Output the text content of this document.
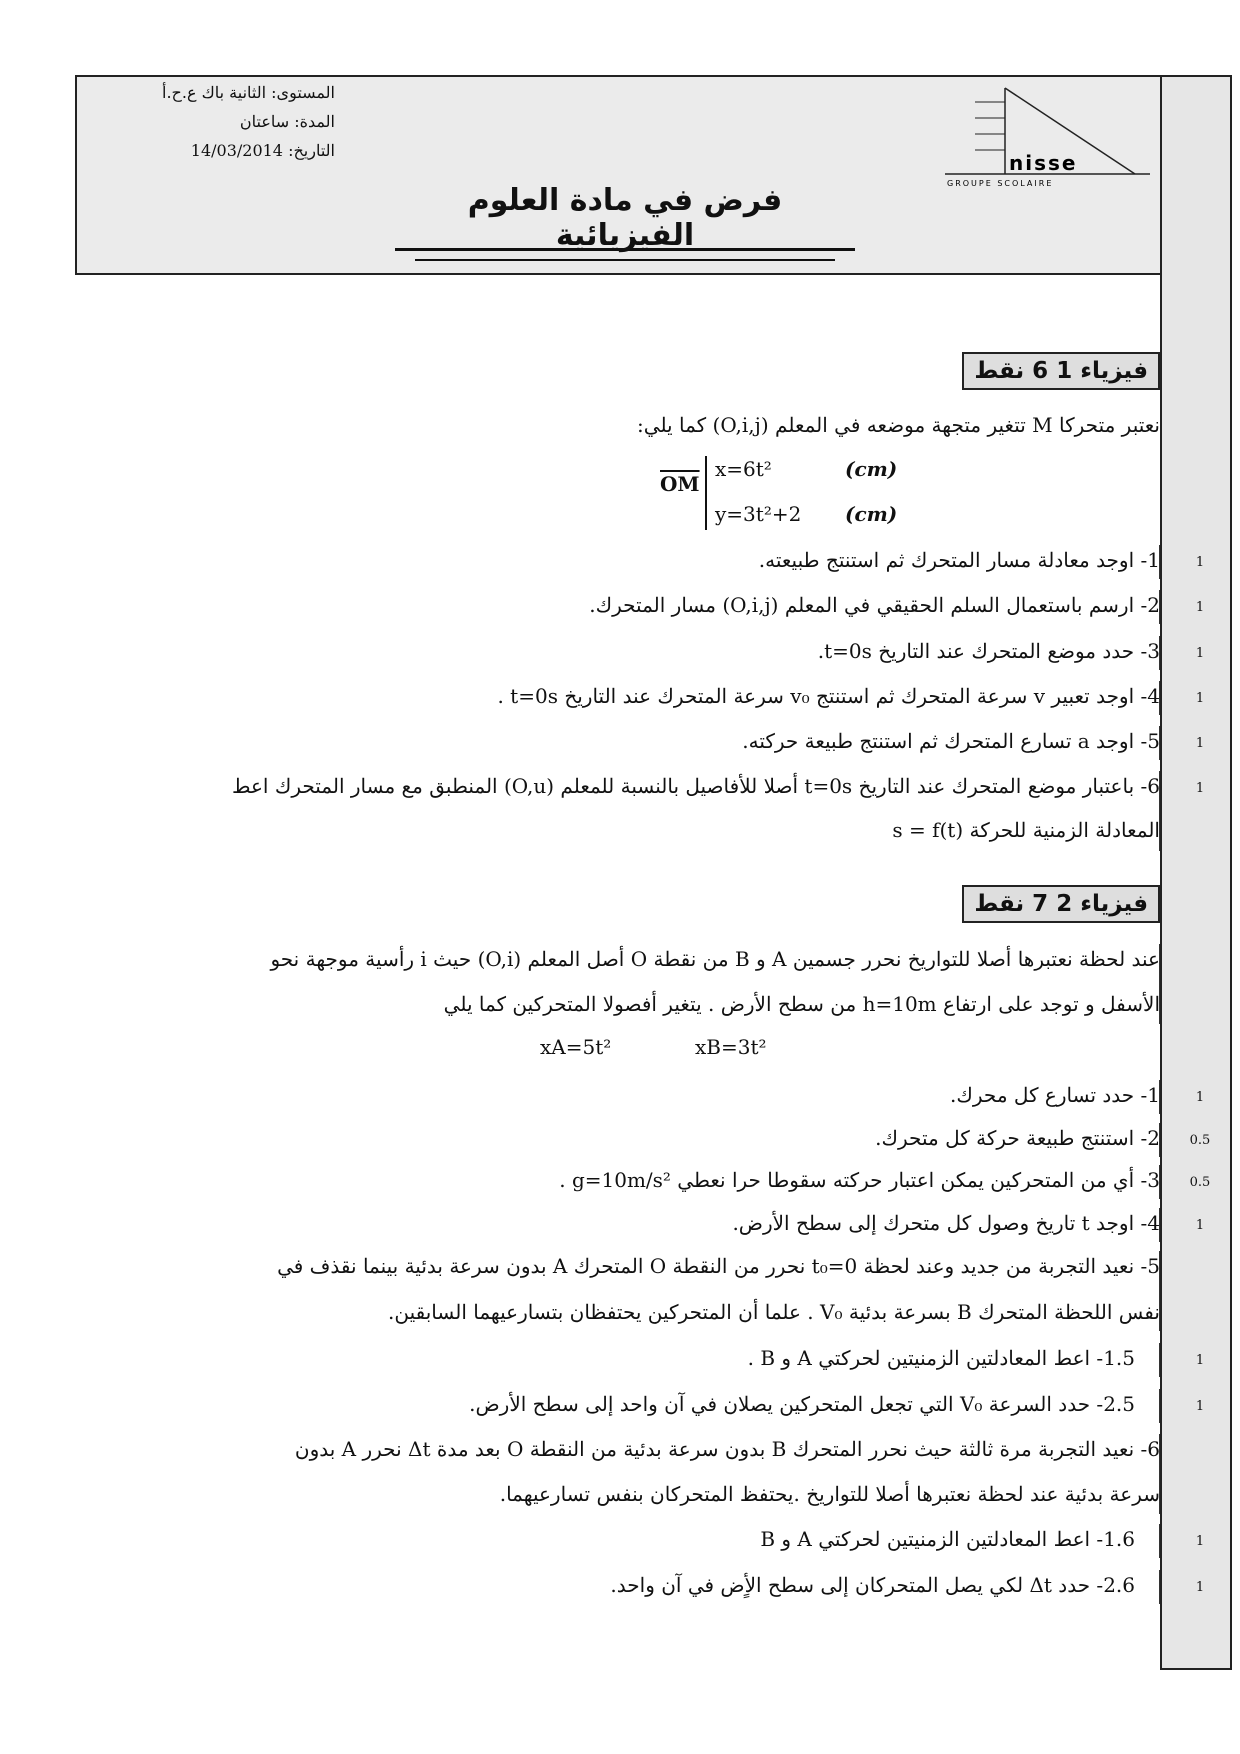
المستوى: الثانية باك ع.ح.أ
المدة: ساعتان
التاريخ: 14/03/2014
nisse
GROUPE SCOLAIRE
فرض في مادة العلوم الفيزيائية
فيزياء 1 6 نقط
نعتبر متحركا M تتغير متجهة موضعه في المعلم (O,i,j) كما يلي:
$\overline{OM}$
x=6t²
y=3t²+2
(cm)
(cm)
1- اوجد معادلة مسار المتحرك ثم استنتج طبيعته.	1
2- ارسم باستعمال السلم الحقيقي في المعلم (O,i,j) مسار المتحرك.	1
3- حدد موضع المتحرك عند التاريخ t=0s.	1
4- اوجد تعبير v سرعة المتحرك ثم استنتج v₀ سرعة المتحرك عند التاريخ t=0s .	1
5- اوجد a تسارع المتحرك ثم استنتج طبيعة حركته.	1
6- باعتبار موضع المتحرك عند التاريخ t=0s أصلا للأفاصيل بالنسبة للمعلم (O,u) المنطبق مع مسار المتحرك اعط	1
المعادلة الزمنية للحركة s = f(t)
فيزياء 2 7 نقط
عند لحظة نعتبرها أصلا للتواريخ نحرر جسمين A و B من نقطة O أصل المعلم (O,i) حيث i رأسية موجهة نحو
الأسفل و توجد على ارتفاع h=10m من سطح الأرض . يتغير أفصولا المتحركين كما يلي
xA=5t²	xB=3t²
1- حدد تسارع كل محرك.	1
2- استنتج طبيعة حركة كل متحرك.	0.5
3- أي من المتحركين يمكن اعتبار حركته سقوطا حرا نعطي g=10m/s² .	0.5
4- اوجد t تاريخ وصول كل متحرك إلى سطح الأرض.	1
5- نعيد التجربة من جديد وعند لحظة t₀=0 نحرر من النقطة O المتحرك A بدون سرعة بدئية بينما نقذف في
نفس اللحظة المتحرك B بسرعة بدئية V₀ . علما أن المتحركين يحتفظان بتسارعيهما السابقين.
1.5- اعط المعادلتين الزمنيتين لحركتي A و B .	1
2.5- حدد السرعة V₀ التي تجعل المتحركين يصلان في آن واحد إلى سطح الأرض.	1
6- نعيد التجربة مرة ثالثة حيث نحرر المتحرك B بدون سرعة بدئية من النقطة O بعد مدة Δt نحرر A بدون
سرعة بدئية عند لحظة نعتبرها أصلا للتواريخ .يحتفظ المتحركان بنفس تسارعيهما.
1.6- اعط المعادلتين الزمنيتين لحركتي A و B	1
2.6- حدد Δt لكي يصل المتحركان إلى سطح الأٍض في آن واحد.	1
